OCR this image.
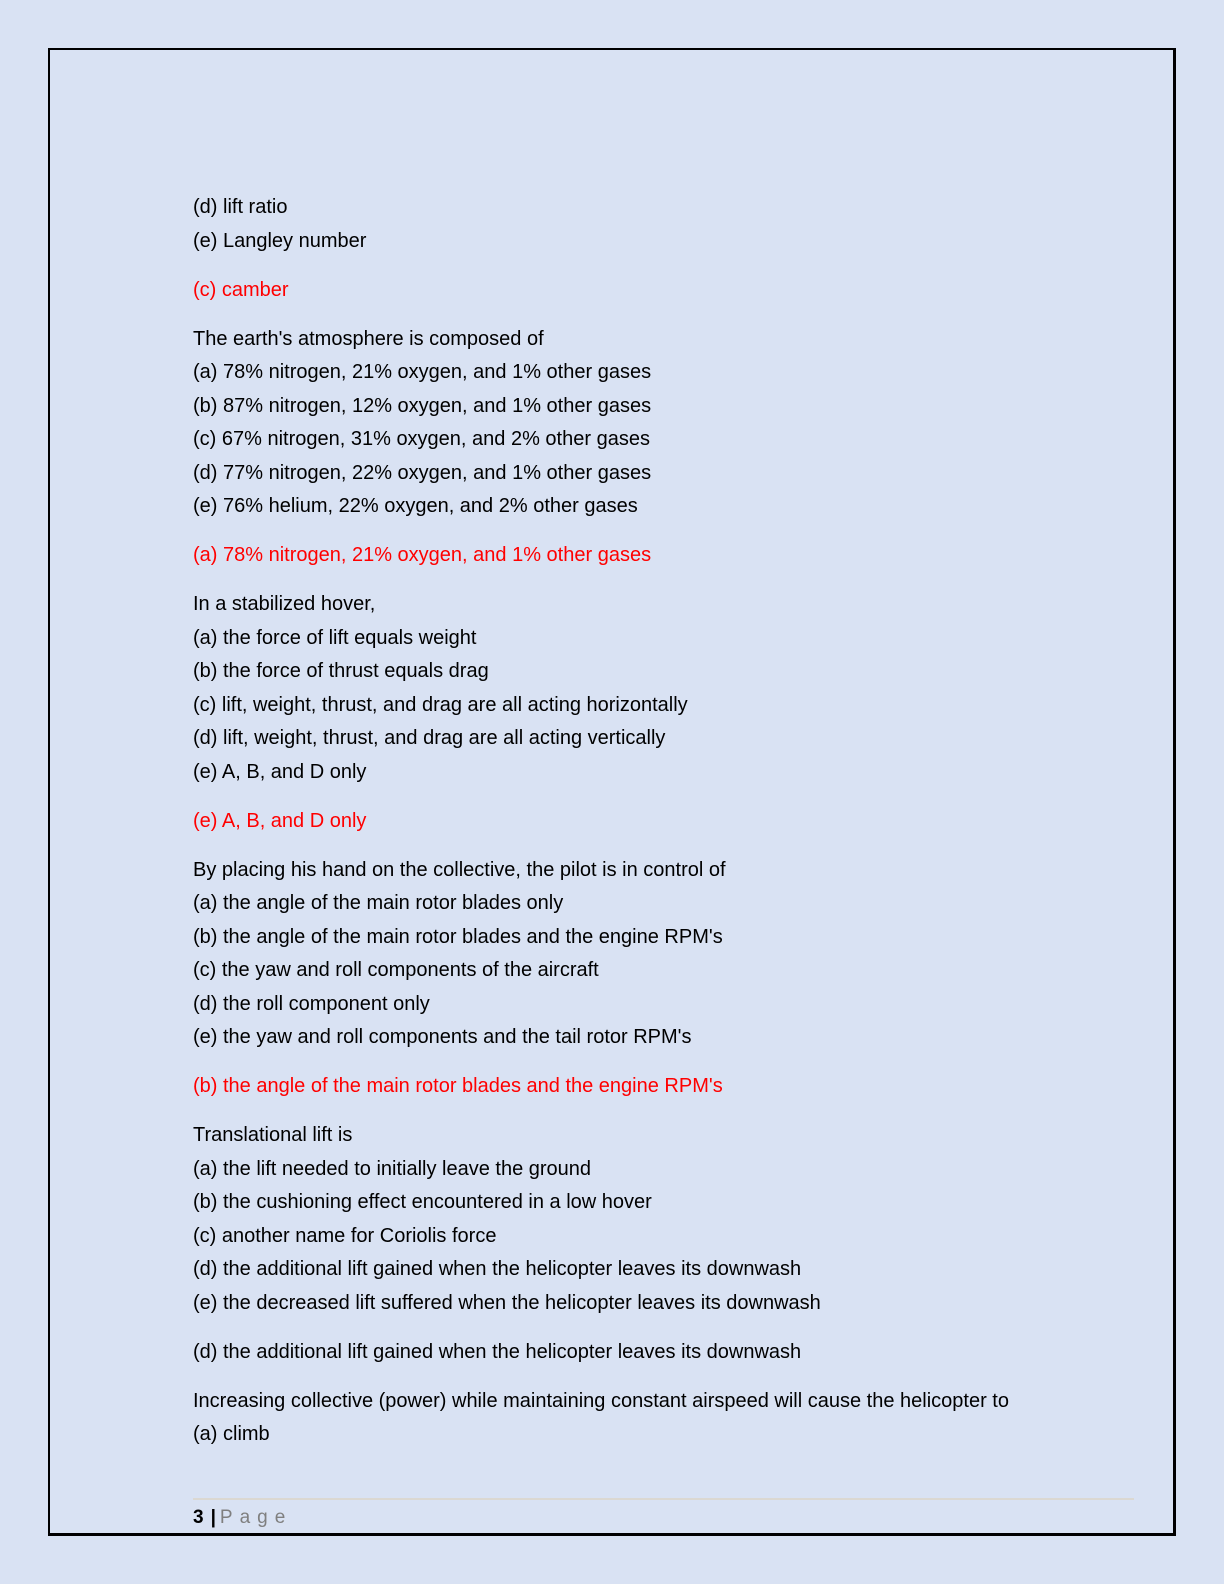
(d) lift ratio
(e) Langley number
(c) camber
The earth's atmosphere is composed of
(a) 78% nitrogen, 21% oxygen, and 1% other gases
(b) 87% nitrogen, 12% oxygen, and 1% other gases
(c) 67% nitrogen, 31% oxygen, and 2% other gases
(d) 77% nitrogen, 22% oxygen, and 1% other gases
(e) 76% helium, 22% oxygen, and 2% other gases
(a) 78% nitrogen, 21% oxygen, and 1% other gases
In a stabilized hover,
(a) the force of lift equals weight
(b) the force of thrust equals drag
(c) lift, weight, thrust, and drag are all acting horizontally
(d) lift, weight, thrust, and drag are all acting vertically
(e) A, B, and D only
(e) A, B, and D only
By placing his hand on the collective, the pilot is in control of
(a) the angle of the main rotor blades only
(b) the angle of the main rotor blades and the engine RPM's
(c) the yaw and roll components of the aircraft
(d) the roll component only
(e) the yaw and roll components and the tail rotor RPM's
(b) the angle of the main rotor blades and the engine RPM's
Translational lift is
(a) the lift needed to initially leave the ground
(b) the cushioning effect encountered in a low hover
(c) another name for Coriolis force
(d) the additional lift gained when the helicopter leaves its downwash
(e) the decreased lift suffered when the helicopter leaves its downwash
(d) the additional lift gained when the helicopter leaves its downwash
Increasing collective (power) while maintaining constant airspeed will cause the helicopter to
(a) climb
3 | Page
